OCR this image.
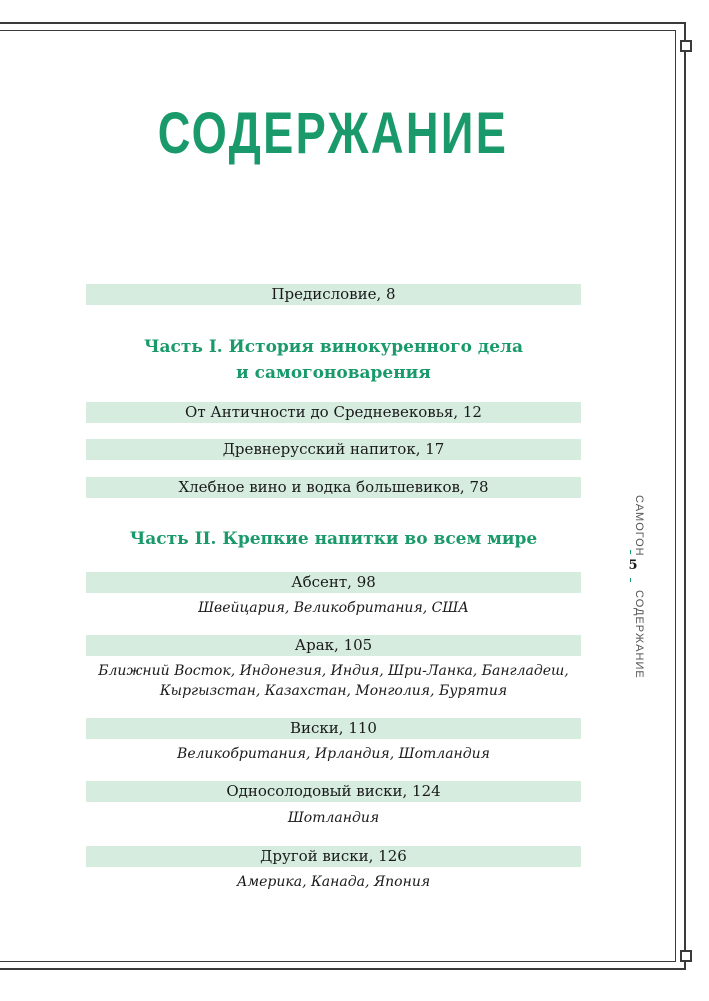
СОДЕРЖАНИЕ
Предисловие, 8
Часть I. История винокуренного дела
и самогоноварения
От Античности до Средневековья, 12
Древнерусский напиток, 17
Хлебное вино и водка большевиков, 78
Часть II. Крепкие напитки во всем мире
Абсент, 98
Швейцария, Великобритания, США
Арак, 105
Ближний Восток, Индонезия, Индия, Шри-Ланка, Бангладеш,
Кыргызстан, Казахстан, Монголия, Бурятия
Виски, 110
Великобритания, Ирландия, Шотландия
Односолодовый виски, 124
Шотландия
Другой виски, 126
Америка, Канада, Япония
САМОГОН
5
СОДЕРЖАНИЕ
